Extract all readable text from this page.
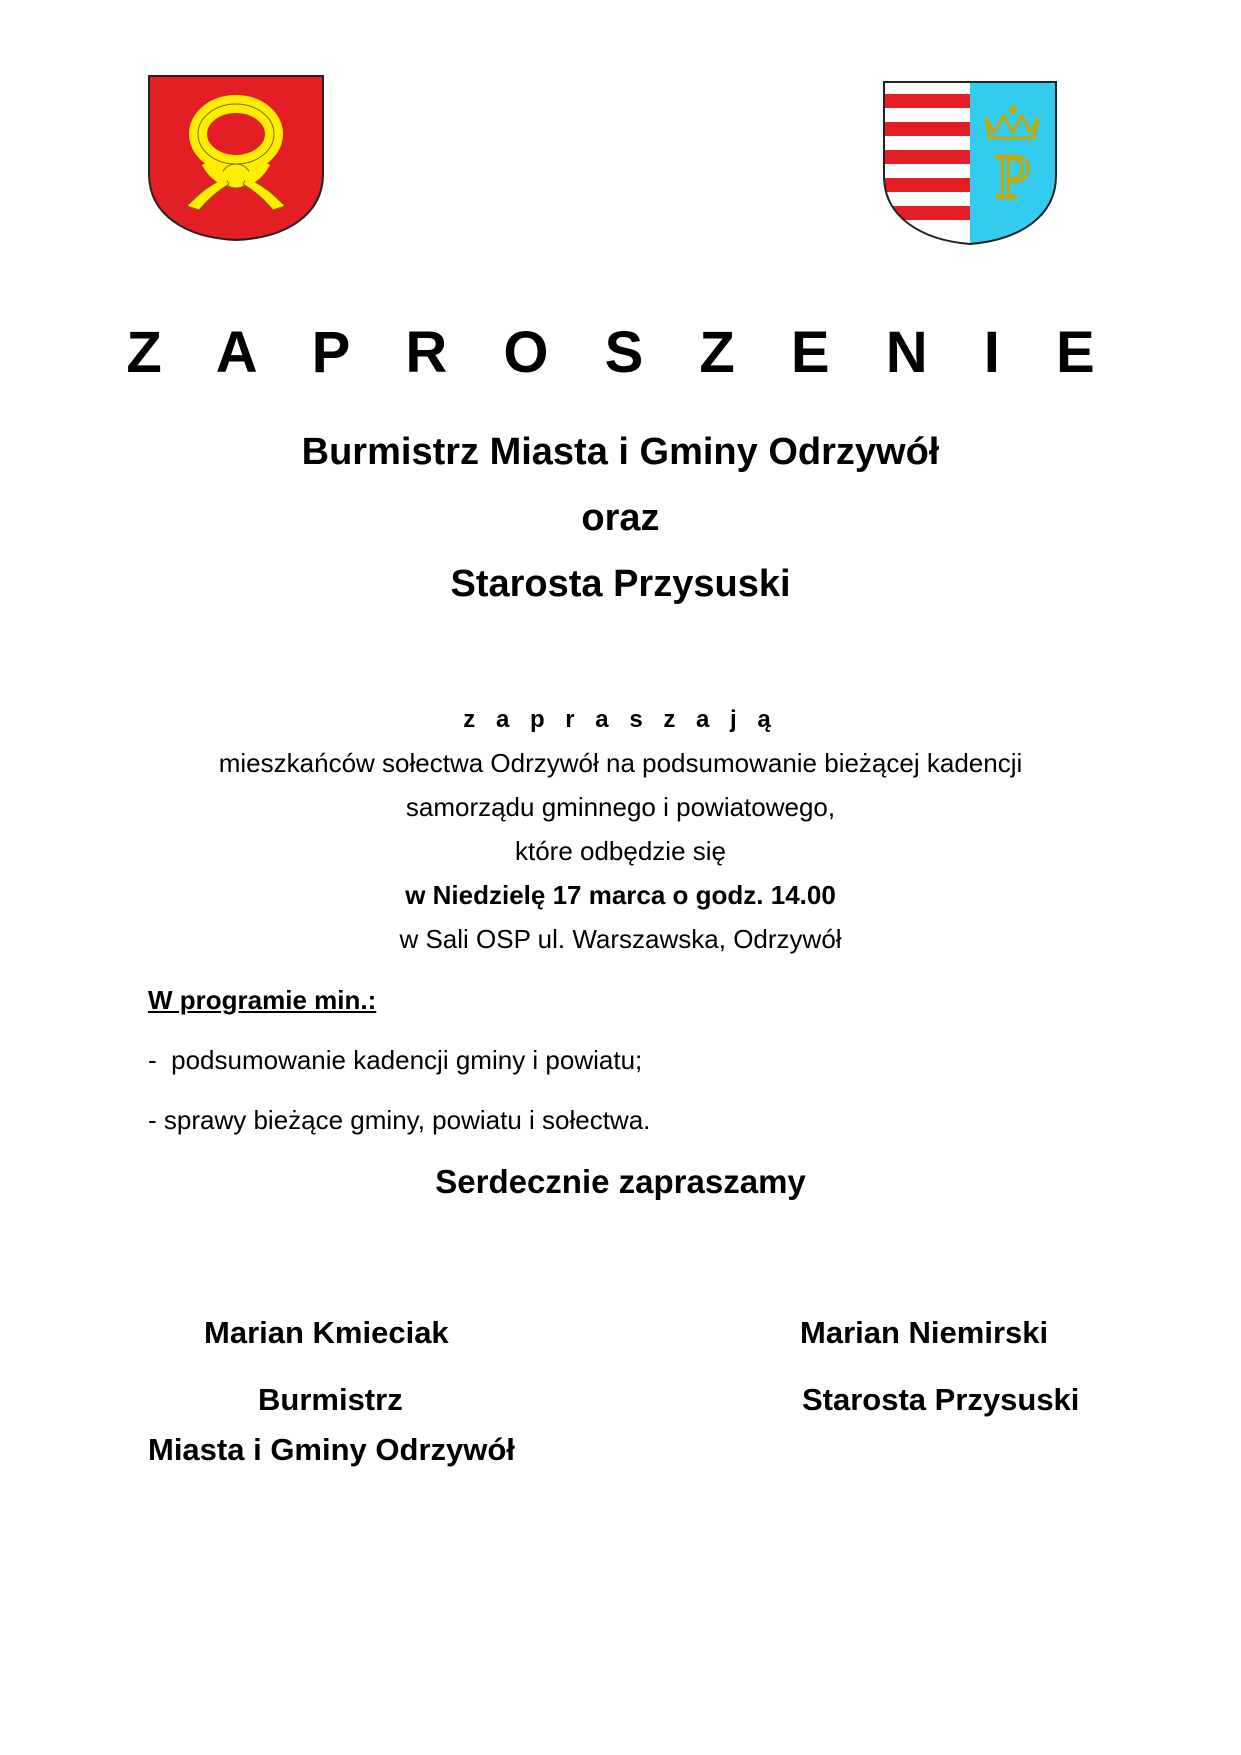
P
Z A P R O S Z E N I E
Burmistrz Miasta i Gminy Odrzywół
oraz
Starosta Przysuski
z a p r a s z a j ą
mieszkańców sołectwa Odrzywół na podsumowanie bieżącej kadencji
samorządu gminnego i powiatowego,
które odbędzie się
w Niedzielę 17 marca o godz. 14.00
w Sali OSP ul. Warszawska, Odrzywół
W programie min.:
-  podsumowanie kadencji gminy i powiatu;
- sprawy bieżące gminy, powiatu i sołectwa.
Serdecznie zapraszamy
Marian Kmieciak
Burmistrz
Miasta i Gminy Odrzywół
Marian Niemirski
Starosta Przysuski
